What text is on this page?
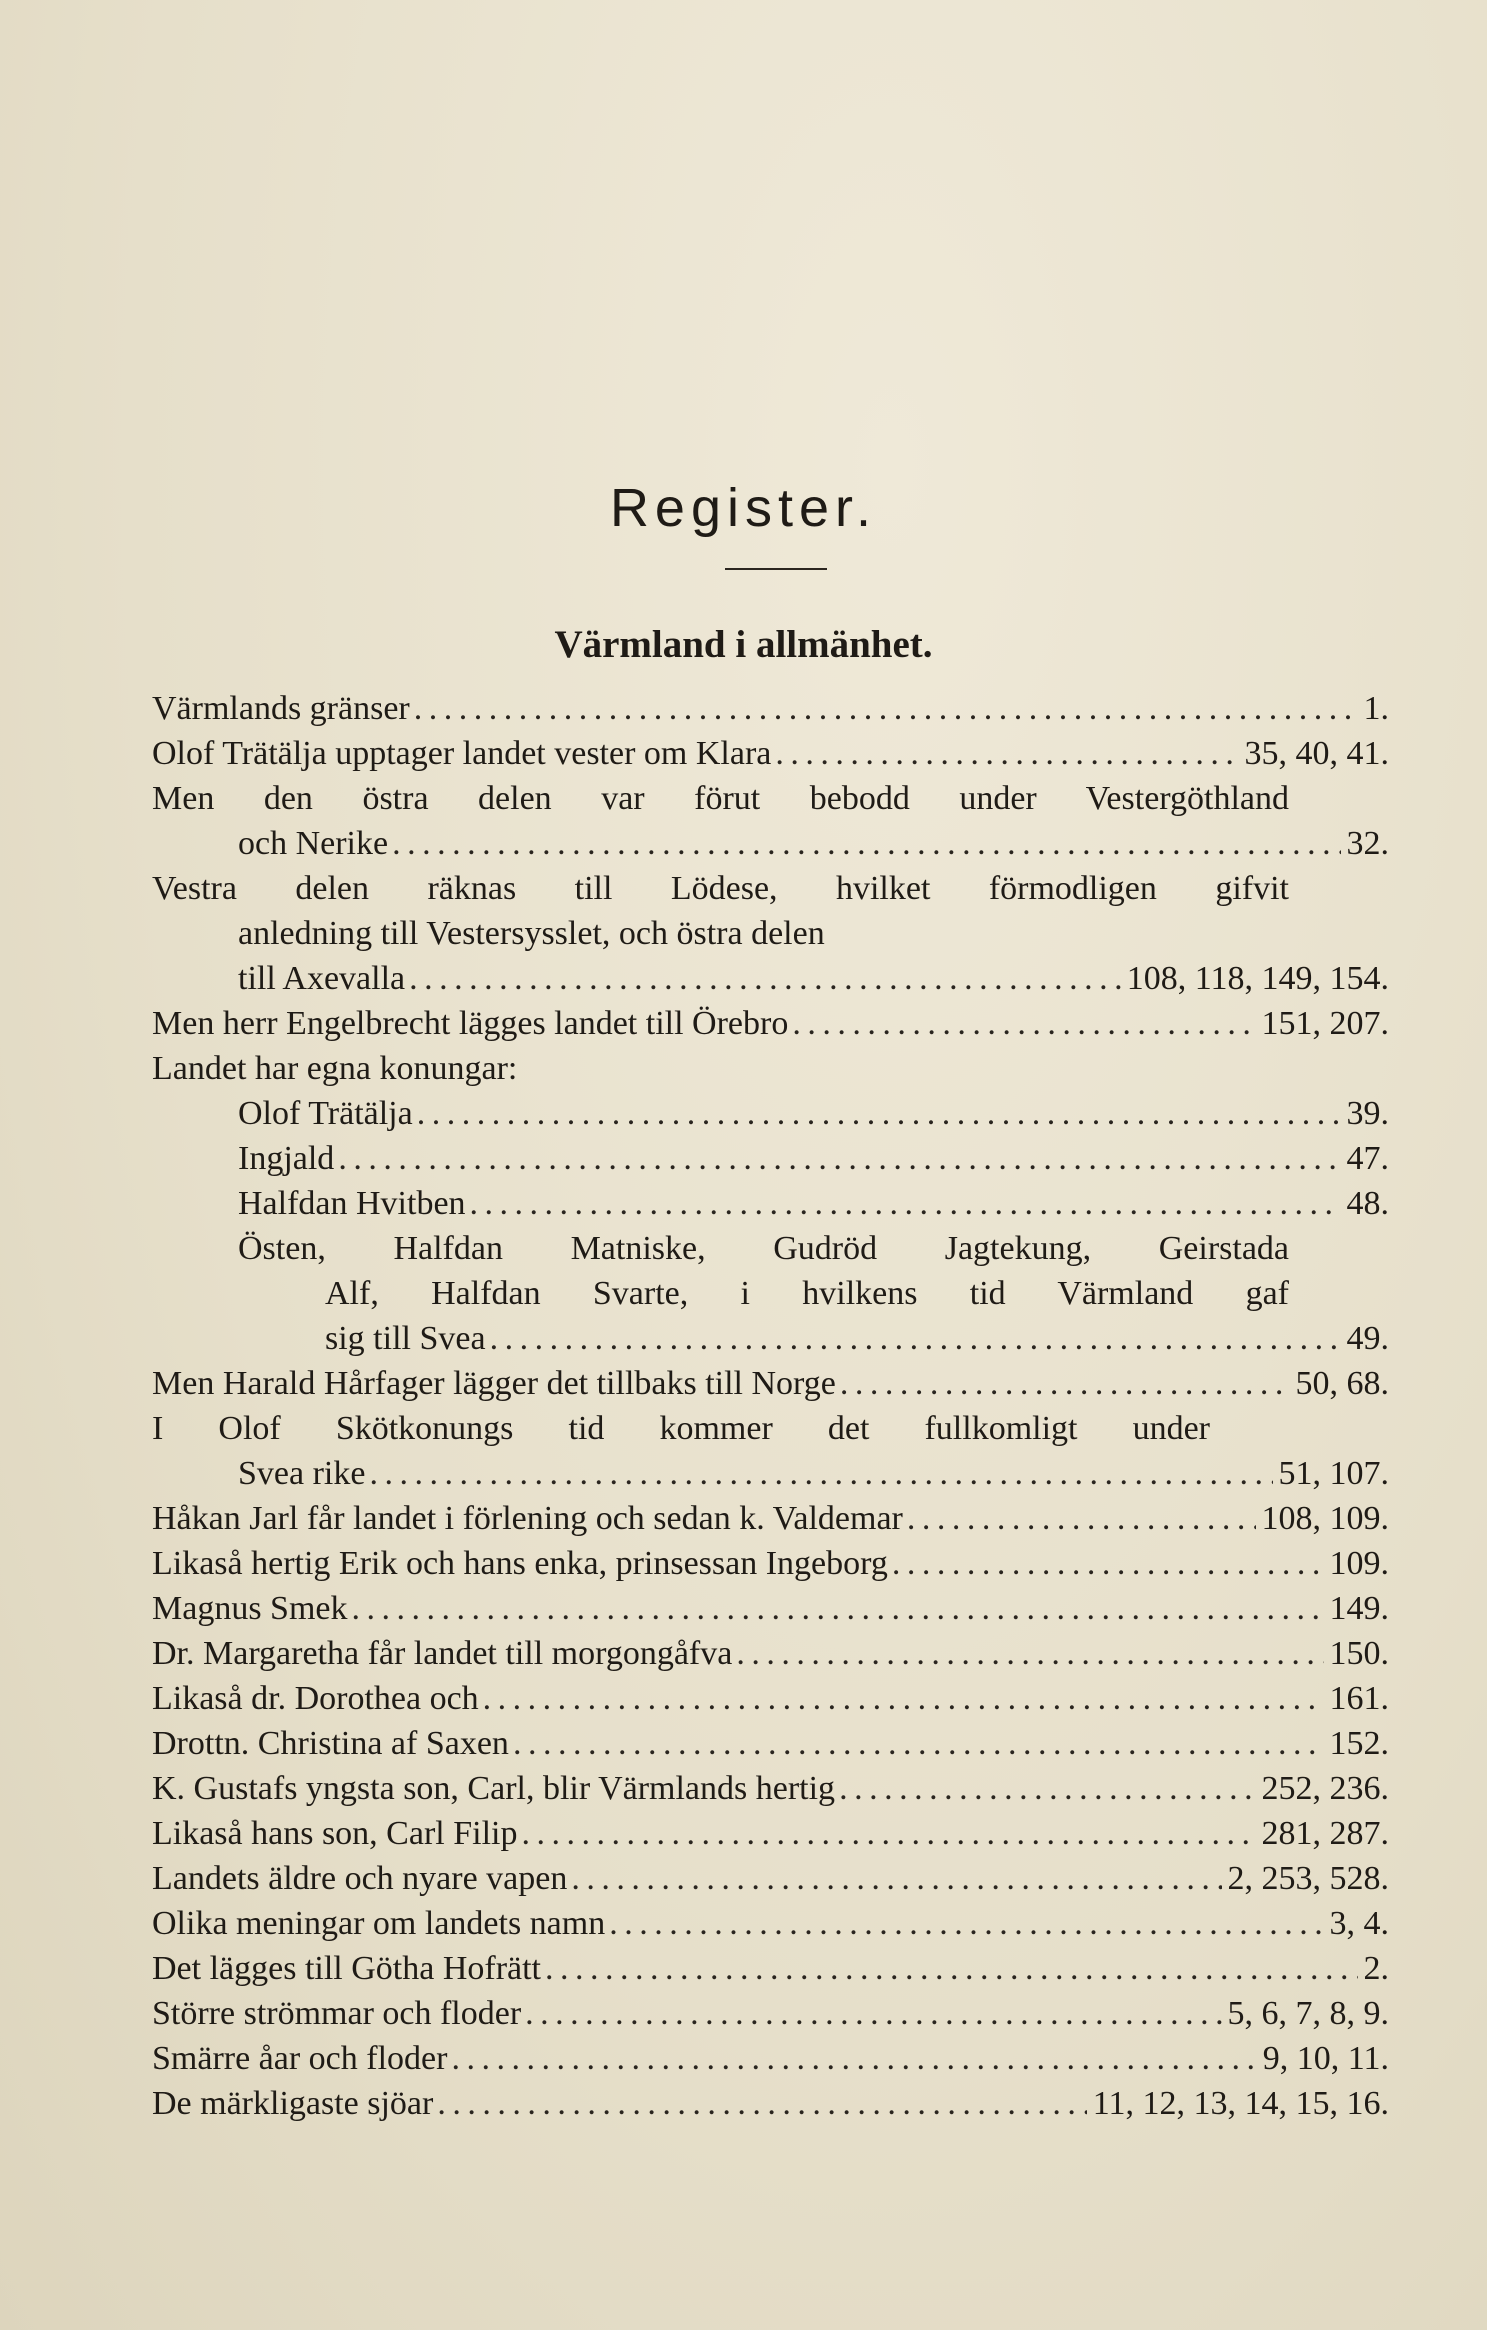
Register.
Värmland i allmänhet.
Värmlands gränser . . .	1.
Olof Trätälja upptager landet vester om Klara . . .	35, 40, 41.
Men den östra delen var förut bebodd under Vestergöthland
och Nerike . . .	32.
Vestra delen räknas till Lödese, hvilket förmodligen gifvit
anledning till Vestersysslet, och östra delen
till Axevalla . . .	108, 118, 149, 154.
Men herr Engelbrecht lägges landet till Örebro . . .	151, 207.
Landet har egna konungar:
Olof Trätälja . . .	39.
Ingjald . . .	47.
Halfdan Hvitben . . .	48.
Östen, Halfdan Matniske, Gudröd Jagtekung, Geirstada
Alf, Halfdan Svarte, i hvilkens tid Värmland gaf
sig till Svea . . .	49.
Men Harald Hårfager lägger det tillbaks till Norge . . .	50, 68.
I Olof Skötkonungs tid kommer det fullkomligt under
Svea rike . . .	51, 107.
Håkan Jarl får landet i förlening och sedan k. Valdemar . . .	108, 109.
Likaså hertig Erik och hans enka, prinsessan Ingeborg . . .	109.
Magnus Smek . . .	149.
Dr. Margaretha får landet till morgongåfva . . .	150.
Likaså dr. Dorothea och . . .	161.
Drottn. Christina af Saxen . . .	152.
K. Gustafs yngsta son, Carl, blir Värmlands hertig . . .	252, 236.
Likaså hans son, Carl Filip . . .	281, 287.
Landets äldre och nyare vapen . . .	2, 253, 528.
Olika meningar om landets namn . . .	3, 4.
Det lägges till Götha Hofrätt . . .	2.
Större strömmar och floder . . .	5, 6, 7, 8, 9.
Smärre åar och floder . . .	9, 10, 11.
De märkligaste sjöar . . .	11, 12, 13, 14, 15, 16.
